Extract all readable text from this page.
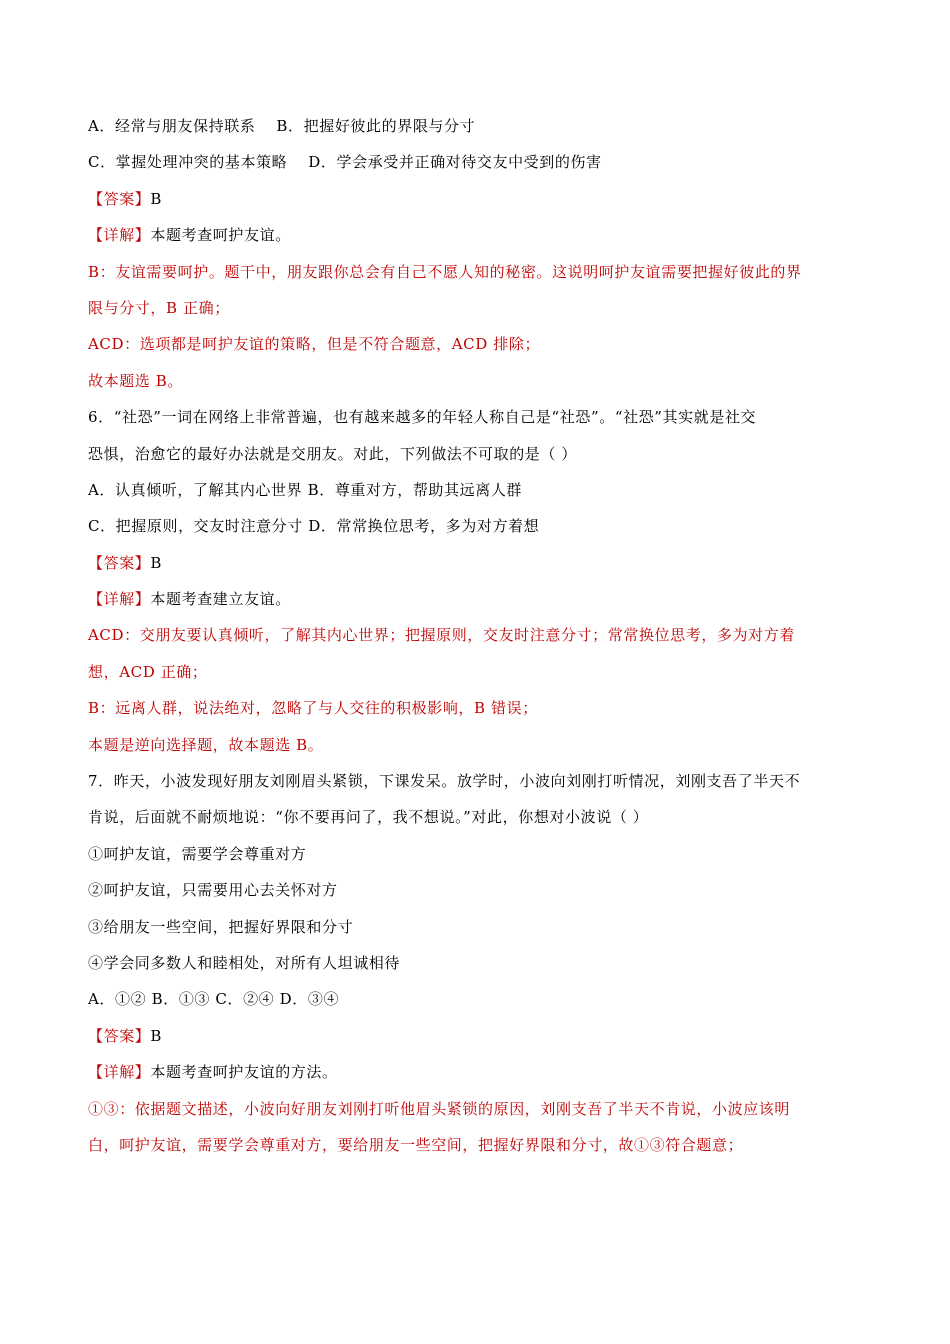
A．经常与朋友保持联系　 B．把握好彼此的界限与分寸
C．掌握处理冲突的基本策略　 D．学会承受并正确对待交友中受到的伤害
【答案】B
【详解】本题考查呵护友谊。
B：友谊需要呵护。题干中，朋友跟你总会有自己不愿人知的秘密。这说明呵护友谊需要把握好彼此的界
限与分寸，B 正确；
ACD：选项都是呵护友谊的策略，但是不符合题意，ACD 排除；
故本题选 B。
6．“社恐”一词在网络上非常普遍，也有越来越多的年轻人称自己是“社恐”。“社恐”其实就是社交
恐惧，治愈它的最好办法就是交朋友。对此，下列做法不可取的是（ ）
A．认真倾听，了解其内心世界 B．尊重对方，帮助其远离人群
C．把握原则，交友时注意分寸 D．常常换位思考，多为对方着想
【答案】B
【详解】本题考查建立友谊。
ACD：交朋友要认真倾听，了解其内心世界；把握原则，交友时注意分寸；常常换位思考，多为对方着
想，ACD 正确；
B：远离人群，说法绝对，忽略了与人交往的积极影响，B 错误；
本题是逆向选择题，故本题选 B。
7．昨天，小波发现好朋友刘刚眉头紧锁，下课发呆。放学时，小波向刘刚打听情况，刘刚支吾了半天不
肯说，后面就不耐烦地说：“你不要再问了，我不想说。”对此，你想对小波说（ ）
①呵护友谊，需要学会尊重对方
②呵护友谊，只需要用心去关怀对方
③给朋友一些空间，把握好界限和分寸
④学会同多数人和睦相处，对所有人坦诚相待
A．①② B．①③ C．②④ D．③④
【答案】B
【详解】本题考查呵护友谊的方法。
①③：依据题文描述，小波向好朋友刘刚打听他眉头紧锁的原因，刘刚支吾了半天不肯说，小波应该明
白，呵护友谊，需要学会尊重对方，要给朋友一些空间，把握好界限和分寸，故①③符合题意；
